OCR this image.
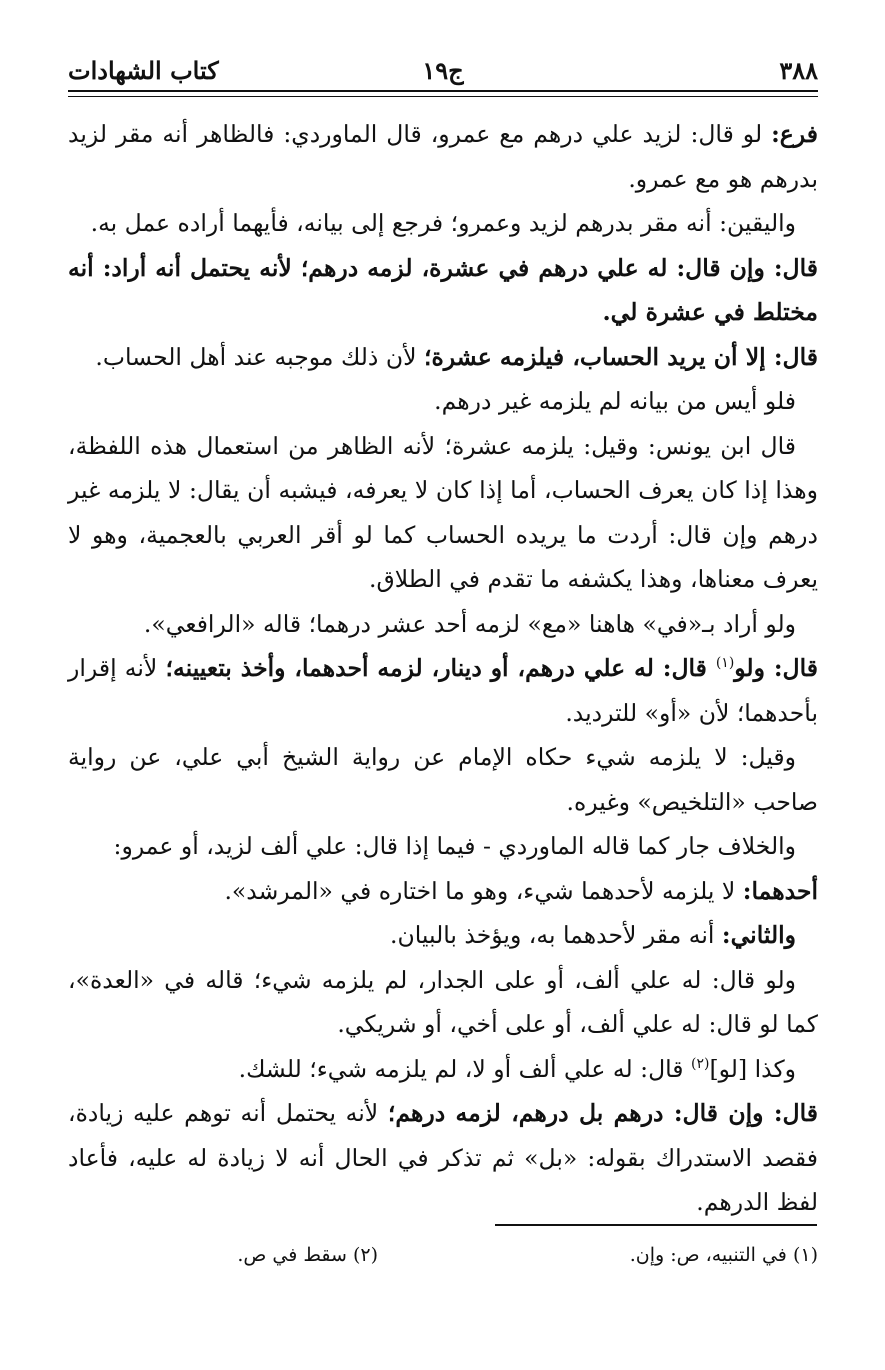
٣٨٨
ج١٩
كتاب الشهادات

فرع: لو قال: لزيد علي درهم مع عمرو، قال الماوردي: فالظاهر أنه مقر لزيد بدرهم هو مع عمرو.

واليقين: أنه مقر بدرهم لزيد وعمرو؛ فرجع إلى بيانه، فأيهما أراده عمل به.

قال: وإن قال: له علي درهم في عشرة، لزمه درهم؛ لأنه يحتمل أنه أراد: أنه مختلط في عشرة لي.

قال: إلا أن يريد الحساب، فيلزمه عشرة؛ لأن ذلك موجبه عند أهل الحساب.

فلو أيس من بيانه لم يلزمه غير درهم.

قال ابن يونس: وقيل: يلزمه عشرة؛ لأنه الظاهر من استعمال هذه اللفظة، وهذا إذا كان يعرف الحساب، أما إذا كان لا يعرفه، فيشبه أن يقال: لا يلزمه غير درهم وإن قال: أردت ما يريده الحساب كما لو أقر العربي بالعجمية، وهو لا يعرف معناها، وهذا يكشفه ما تقدم في الطلاق.

ولو أراد بـ«في» هاهنا «مع» لزمه أحد عشر درهما؛ قاله «الرافعي».

قال: ولو$^{(١)}$ قال: له علي درهم، أو دينار، لزمه أحدهما، وأخذ بتعيينه؛ لأنه إقرار بأحدهما؛ لأن «أو» للترديد.

وقيل: لا يلزمه شيء حكاه الإمام عن رواية الشيخ أبي علي، عن رواية صاحب «التلخيص» وغيره.

والخلاف جار كما قاله الماوردي - فيما إذا قال: علي ألف لزيد، أو عمرو:

أحدهما: لا يلزمه لأحدهما شيء، وهو ما اختاره في «المرشد».

والثاني: أنه مقر لأحدهما به، ويؤخذ بالبيان.

ولو قال: له علي ألف، أو على الجدار، لم يلزمه شيء؛ قاله في «العدة»، كما لو قال: له علي ألف، أو على أخي، أو شريكي.

وكذا [لو]$^{(٢)}$ قال: له علي ألف أو لا، لم يلزمه شيء؛ للشك.

قال: وإن قال: درهم بل درهم، لزمه درهم؛ لأنه يحتمل أنه توهم عليه زيادة، فقصد الاستدراك بقوله: «بل» ثم تذكر في الحال أنه لا زيادة له عليه، فأعاد لفظ الدرهم.

(١) في التنبيه، ص: وإن.
(٢) سقط في ص.
